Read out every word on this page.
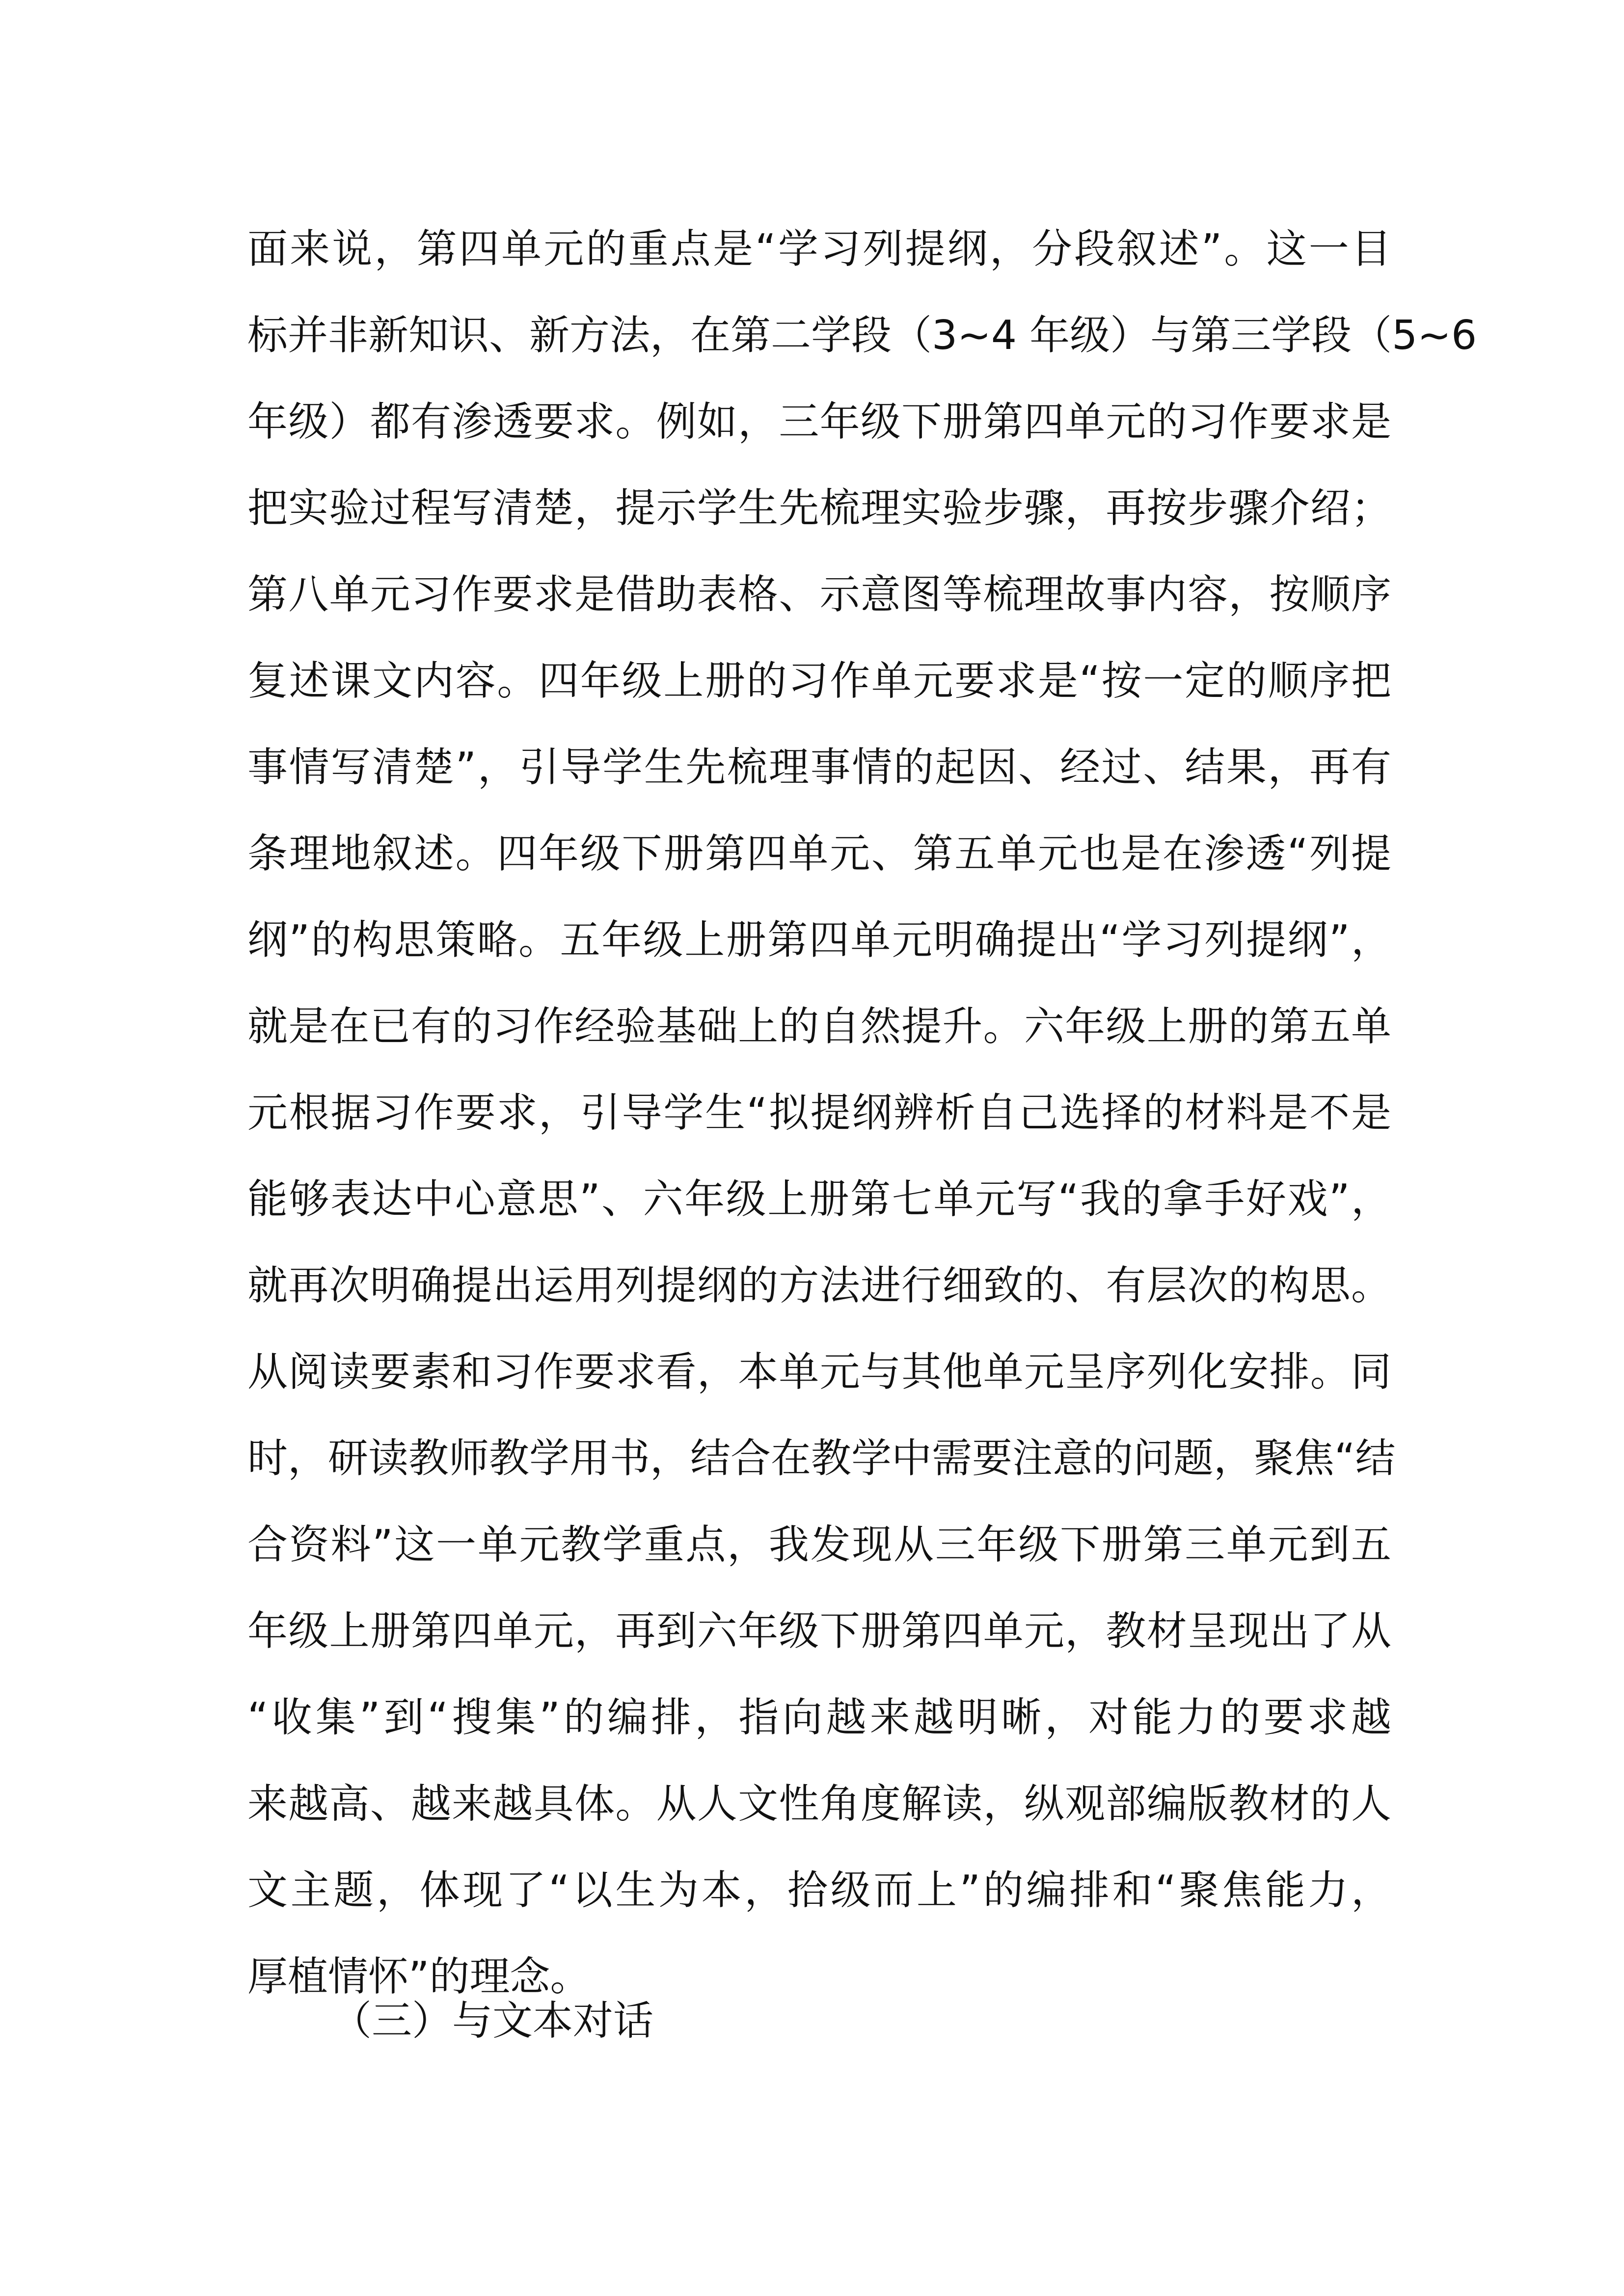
面来说，第四单元的重点是“学习列提纲，分段叙述”。这一目
标并非新知识、新方法，在第二学段（3~4 年级）与第三学段（5~6
年级）都有渗透要求。例如，三年级下册第四单元的习作要求是
把实验过程写清楚，提示学生先梳理实验步骤，再按步骤介绍；
第八单元习作要求是借助表格、示意图等梳理故事内容，按顺序
复述课文内容。四年级上册的习作单元要求是“按一定的顺序把
事情写清楚”，引导学生先梳理事情的起因、经过、结果，再有
条理地叙述。四年级下册第四单元、第五单元也是在渗透“列提
纲”的构思策略。五年级上册第四单元明确提出“学习列提纲”，
就是在已有的习作经验基础上的自然提升。六年级上册的第五单
元根据习作要求，引导学生“拟提纲辨析自己选择的材料是不是
能够表达中心意思”、六年级上册第七单元写“我的拿手好戏”，
就再次明确提出运用列提纲的方法进行细致的、有层次的构思。
从阅读要素和习作要求看，本单元与其他单元呈序列化安排。同
时，研读教师教学用书，结合在教学中需要注意的问题，聚焦“结
合资料”这一单元教学重点，我发现从三年级下册第三单元到五
年级上册第四单元，再到六年级下册第四单元，教材呈现出了从
“收集”到“搜集”的编排，指向越来越明晰，对能力的要求越
来越高、越来越具体。从人文性角度解读，纵观部编版教材的人
文主题，体现了“以生为本，拾级而上”的编排和“聚焦能力，
厚植情怀”的理念。
（三）与文本对话
